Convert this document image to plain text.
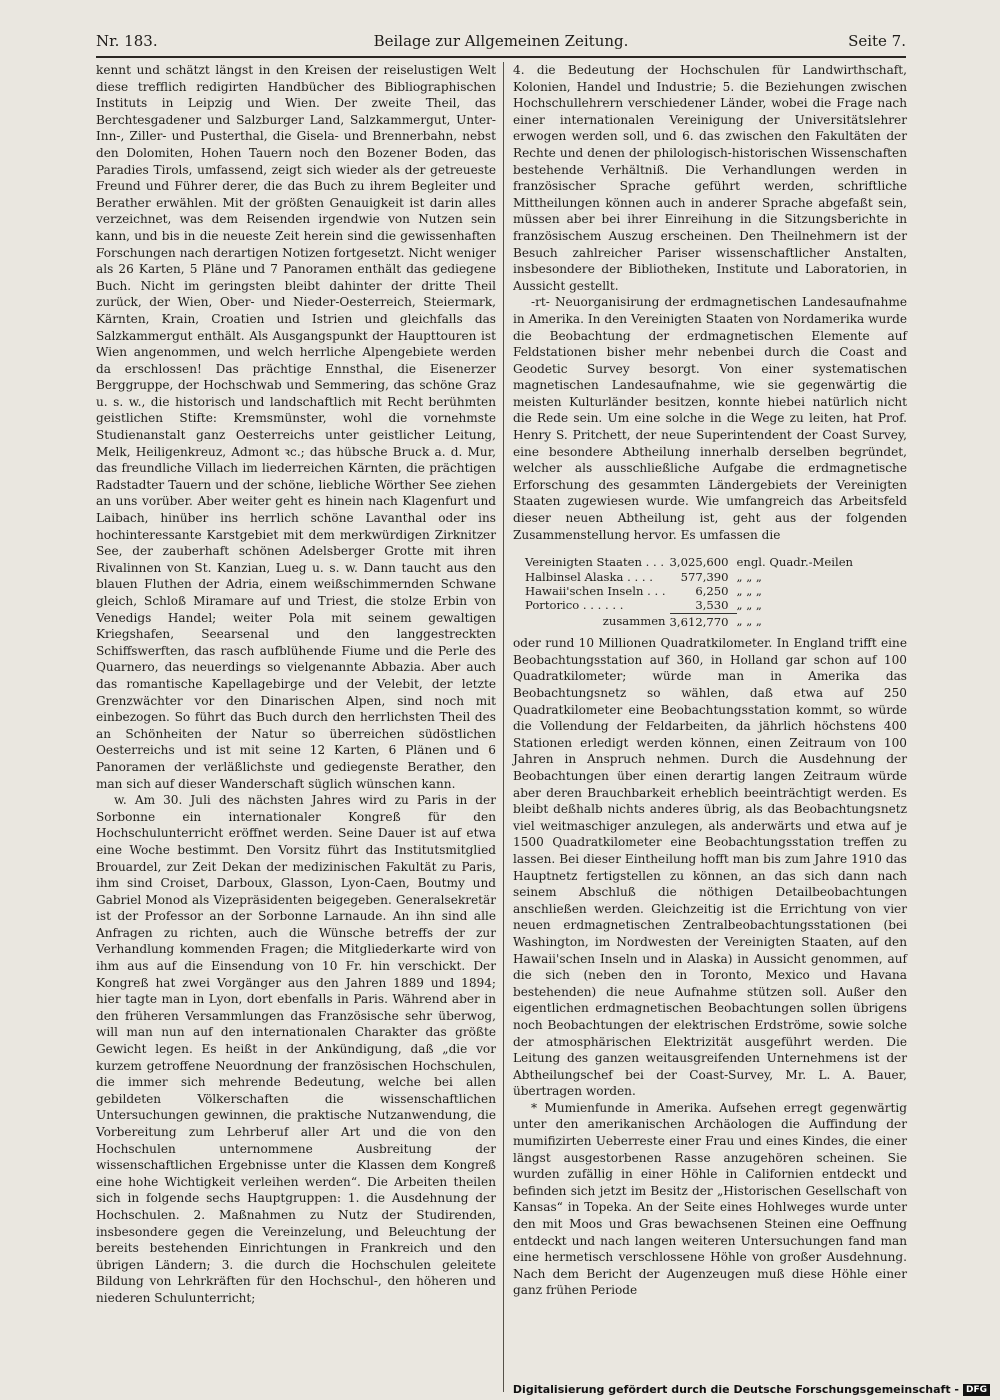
Nr. 183.	Beilage zur Allgemeinen Zeitung.	Seite 7.

kennt und schätzt längst in den Kreisen der reiselustigen Welt diese trefflich redigirten Handbücher des Bibliographischen Instituts in Leipzig und Wien. Der zweite Theil, das Berchtesgadener und Salzburger Land, Salzkammergut, Unter-Inn-, Ziller- und Pusterthal, die Gisela- und Brennerbahn, nebst den Dolomiten, Hohen Tauern noch den Bozener Boden, das Paradies Tirols, umfassend, zeigt sich wieder als der getreueste Freund und Führer derer, die das Buch zu ihrem Begleiter und Berather erwählen. Mit der größten Genauigkeit ist darin alles verzeichnet, was dem Reisenden irgendwie von Nutzen sein kann, und bis in die neueste Zeit herein sind die gewissenhaften Forschungen nach derartigen Notizen fortgesetzt. Nicht weniger als 26 Karten, 5 Pläne und 7 Panoramen enthält das gediegene Buch. Nicht im geringsten bleibt dahinter der dritte Theil zurück, der Wien, Ober- und Nieder-Oesterreich, Steiermark, Kärnten, Krain, Croatien und Istrien und gleichfalls das Salzkammergut enthält. Als Ausgangspunkt der Haupttouren ist Wien angenommen, und welch herrliche Alpengebiete werden da erschlossen! Das prächtige Ennsthal, die Eisenerzer Berggruppe, der Hochschwab und Semmering, das schöne Graz u. s. w., die historisch und landschaftlich mit Recht berühmten geistlichen Stifte: Kremsmünster, wohl die vornehmste Studienanstalt ganz Oesterreichs unter geistlicher Leitung, Melk, Heiligenkreuz, Admont ꝛc.; das hübsche Bruck a. d. Mur, das freundliche Villach im liederreichen Kärnten, die prächtigen Radstadter Tauern und der schöne, liebliche Wörther See ziehen an uns vorüber. Aber weiter geht es hinein nach Klagenfurt und Laibach, hinüber ins herrlich schöne Lavanthal oder ins hochinteressante Karstgebiet mit dem merkwürdigen Zirknitzer See, der zauberhaft schönen Adelsberger Grotte mit ihren Rivalinnen von St. Kanzian, Lueg u. s. w. Dann taucht aus den blauen Fluthen der Adria, einem weißschimmernden Schwane gleich, Schloß Miramare auf und Triest, die stolze Erbin von Venedigs Handel; weiter Pola mit seinem gewaltigen Kriegshafen, Seearsenal und den langgestreckten Schiffswerften, das rasch aufblühende Fiume und die Perle des Quarnero, das neuerdings so vielgenannte Abbazia. Aber auch das romantische Kapellagebirge und der Velebit, der letzte Grenzwächter vor den Dinarischen Alpen, sind noch mit einbezogen. So führt das Buch durch den herrlichsten Theil des an Schönheiten der Natur so überreichen südöstlichen Oesterreichs und ist mit seine 12 Karten, 6 Plänen und 6 Panoramen der verläßlichste und gediegenste Berather, den man sich auf dieser Wanderschaft süglich wünschen kann.

w. Am 30. Juli des nächsten Jahres wird zu Paris in der Sorbonne ein internationaler Kongreß für den Hochschulunterricht eröffnet werden. Seine Dauer ist auf etwa eine Woche bestimmt. Den Vorsitz führt das Institutsmitglied Brouardel, zur Zeit Dekan der medizinischen Fakultät zu Paris, ihm sind Croiset, Darboux, Glasson, Lyon-Caen, Boutmy und Gabriel Monod als Vizepräsidenten beigegeben. Generalsekretär ist der Professor an der Sorbonne Larnaude. An ihn sind alle Anfragen zu richten, auch die Wünsche betreffs der zur Verhandlung kommenden Fragen; die Mitgliederkarte wird von ihm aus auf die Einsendung von 10 Fr. hin verschickt. Der Kongreß hat zwei Vorgänger aus den Jahren 1889 und 1894; hier tagte man in Lyon, dort ebenfalls in Paris. Während aber in den früheren Versammlungen das Französische sehr überwog, will man nun auf den internationalen Charakter das größte Gewicht legen. Es heißt in der Ankündigung, daß „die vor kurzem getroffene Neuordnung der französischen Hochschulen, die immer sich mehrende Bedeutung, welche bei allen gebildeten Völkerschaften die wissenschaftlichen Untersuchungen gewinnen, die praktische Nutzanwendung, die Vorbereitung zum Lehrberuf aller Art und die von den Hochschulen unternommene Ausbreitung der wissenschaftlichen Ergebnisse unter die Klassen dem Kongreß eine hohe Wichtigkeit verleihen werden“. Die Arbeiten theilen sich in folgende sechs Hauptgruppen: 1. die Ausdehnung der Hochschulen. 2. Maßnahmen zu Nutz der Studirenden, insbesondere gegen die Vereinzelung, und Beleuchtung der bereits bestehenden Einrichtungen in Frankreich und den übrigen Ländern; 3. die durch die Hochschulen geleitete Bildung von Lehrkräften für den Hochschul-, den höheren und niederen Schulunterricht;

4. die Bedeutung der Hochschulen für Landwirthschaft, Kolonien, Handel und Industrie; 5. die Beziehungen zwischen Hochschullehrern verschiedener Länder, wobei die Frage nach einer internationalen Vereinigung der Universitätslehrer erwogen werden soll, und 6. das zwischen den Fakultäten der Rechte und denen der philologisch-historischen Wissenschaften bestehende Verhältniß. Die Verhandlungen werden in französischer Sprache geführt werden, schriftliche Mittheilungen können auch in anderer Sprache abgefaßt sein, müssen aber bei ihrer Einreihung in die Sitzungsberichte in französischem Auszug erscheinen. Den Theilnehmern ist der Besuch zahlreicher Pariser wissenschaftlicher Anstalten, insbesondere der Bibliotheken, Institute und Laboratorien, in Aussicht gestellt.

-rt- Neuorganisirung der erdmagnetischen Landesaufnahme in Amerika. In den Vereinigten Staaten von Nordamerika wurde die Beobachtung der erdmagnetischen Elemente auf Feldstationen bisher mehr nebenbei durch die Coast and Geodetic Survey besorgt. Von einer systematischen magnetischen Landesaufnahme, wie sie gegenwärtig die meisten Kulturländer besitzen, konnte hiebei natürlich nicht die Rede sein. Um eine solche in die Wege zu leiten, hat Prof. Henry S. Pritchett, der neue Superintendent der Coast Survey, eine besondere Abtheilung innerhalb derselben begründet, welcher als ausschließliche Aufgabe die erdmagnetische Erforschung des gesammten Ländergebiets der Vereinigten Staaten zugewiesen wurde. Wie umfangreich das Arbeitsfeld dieser neuen Abtheilung ist, geht aus der folgenden Zusammenstellung hervor. Es umfassen die

Vereinigten Staaten . . .	3,025,600	engl. Quadr.-Meilen
Halbinsel Alaska . . . .	577,390	„ „ „
Hawaii'schen Inseln . . .	6,250	„ „ „
Portorico . . . . . .	3,530	„ „ „
zusammen	3,612,770	„ „ „

oder rund 10 Millionen Quadratkilometer. In England trifft eine Beobachtungsstation auf 360, in Holland gar schon auf 100 Quadratkilometer; würde man in Amerika das Beobachtungsnetz so wählen, daß etwa auf 250 Quadratkilometer eine Beobachtungsstation kommt, so würde die Vollendung der Feldarbeiten, da jährlich höchstens 400 Stationen erledigt werden können, einen Zeitraum von 100 Jahren in Anspruch nehmen. Durch die Ausdehnung der Beobachtungen über einen derartig langen Zeitraum würde aber deren Brauchbarkeit erheblich beeinträchtigt werden. Es bleibt deßhalb nichts anderes übrig, als das Beobachtungsnetz viel weitmaschiger anzulegen, als anderwärts und etwa auf je 1500 Quadratkilometer eine Beobachtungsstation treffen zu lassen. Bei dieser Eintheilung hofft man bis zum Jahre 1910 das Hauptnetz fertigstellen zu können, an das sich dann nach seinem Abschluß die nöthigen Detailbeobachtungen anschließen werden. Gleichzeitig ist die Errichtung von vier neuen erdmagnetischen Zentralbeobachtungsstationen (bei Washington, im Nordwesten der Vereinigten Staaten, auf den Hawaii'schen Inseln und in Alaska) in Aussicht genommen, auf die sich (neben den in Toronto, Mexico und Havana bestehenden) die neue Aufnahme stützen soll. Außer den eigentlichen erdmagnetischen Beobachtungen sollen übrigens noch Beobachtungen der elektrischen Erdströme, sowie solche der atmosphärischen Elektrizität ausgeführt werden. Die Leitung des ganzen weitausgreifenden Unternehmens ist der Abtheilungschef bei der Coast-Survey, Mr. L. A. Bauer, übertragen worden.

* Mumienfunde in Amerika. Aufsehen erregt gegenwärtig unter den amerikanischen Archäologen die Auffindung der mumifizirten Ueberreste einer Frau und eines Kindes, die einer längst ausgestorbenen Rasse anzugehören scheinen. Sie wurden zufällig in einer Höhle in Californien entdeckt und befinden sich jetzt im Besitz der „Historischen Gesellschaft von Kansas“ in Topeka. An der Seite eines Hohlweges wurde unter den mit Moos und Gras bewachsenen Steinen eine Oeffnung entdeckt und nach langen weiteren Untersuchungen fand man eine hermetisch verschlossene Höhle von großer Ausdehnung. Nach dem Bericht der Augenzeugen muß diese Höhle einer ganz frühen Periode

Digitalisierung gefördert durch die Deutsche Forschungsgemeinschaft - DFG
